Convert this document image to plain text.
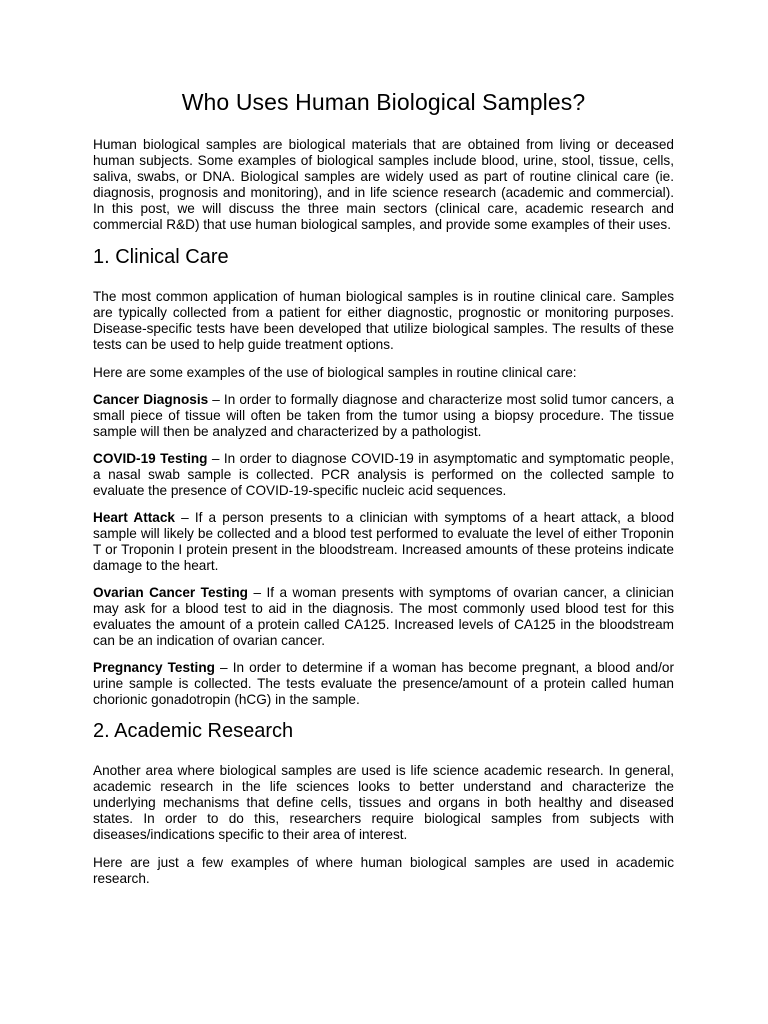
Who Uses Human Biological Samples?

Human biological samples are biological materials that are obtained from living or deceased human subjects. Some examples of biological samples include blood, urine, stool, tissue, cells, saliva, swabs, or DNA. Biological samples are widely used as part of routine clinical care (ie. diagnosis, prognosis and monitoring), and in life science research (academic and commercial). In this post, we will discuss the three main sectors (clinical care, academic research and commercial R&D) that use human biological samples, and provide some examples of their uses.

1. Clinical Care

The most common application of human biological samples is in routine clinical care. Samples are typically collected from a patient for either diagnostic, prognostic or monitoring purposes. Disease-specific tests have been developed that utilize biological samples. The results of these tests can be used to help guide treatment options.

Here are some examples of the use of biological samples in routine clinical care:

Cancer Diagnosis – In order to formally diagnose and characterize most solid tumor cancers, a small piece of tissue will often be taken from the tumor using a biopsy procedure. The tissue sample will then be analyzed and characterized by a pathologist.

COVID-19 Testing – In order to diagnose COVID-19 in asymptomatic and symptomatic people, a nasal swab sample is collected. PCR analysis is performed on the collected sample to evaluate the presence of COVID-19-specific nucleic acid sequences.

Heart Attack – If a person presents to a clinician with symptoms of a heart attack, a blood sample will likely be collected and a blood test performed to evaluate the level of either Troponin T or Troponin I protein present in the bloodstream. Increased amounts of these proteins indicate damage to the heart.

Ovarian Cancer Testing – If a woman presents with symptoms of ovarian cancer, a clinician may ask for a blood test to aid in the diagnosis. The most commonly used blood test for this evaluates the amount of a protein called CA125. Increased levels of CA125 in the bloodstream can be an indication of ovarian cancer.

Pregnancy Testing – In order to determine if a woman has become pregnant, a blood and/or urine sample is collected. The tests evaluate the presence/amount of a protein called human chorionic gonadotropin (hCG) in the sample.

2. Academic Research

Another area where biological samples are used is life science academic research. In general, academic research in the life sciences looks to better understand and characterize the underlying mechanisms that define cells, tissues and organs in both healthy and diseased states. In order to do this, researchers require biological samples from subjects with diseases/indications specific to their area of interest.

Here are just a few examples of where human biological samples are used in academic research.
